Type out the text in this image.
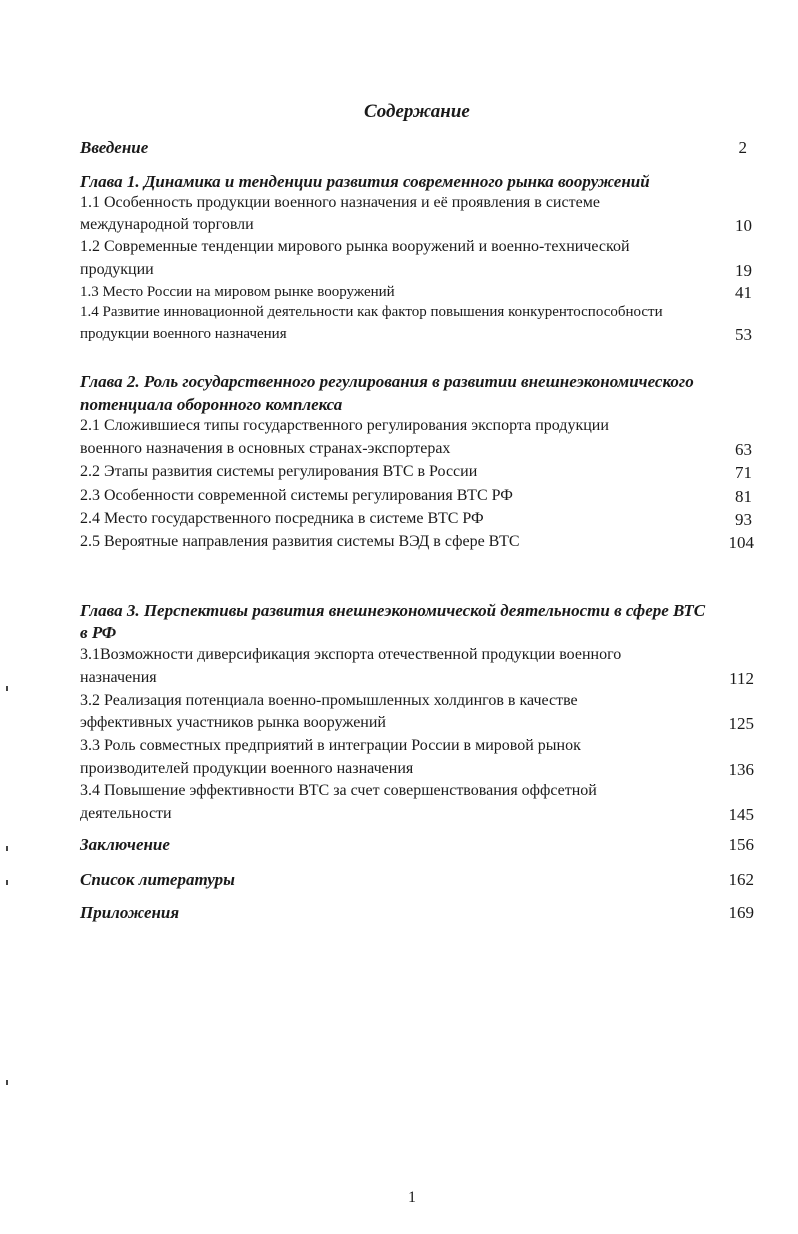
Содержание
Введение	2
Глава 1. Динамика и тенденции развития современного рынка вооружений
1.1 Особенность продукции военного назначения и её проявления в системе
международной торговли	10
1.2 Современные тенденции мирового рынка вооружений и военно-технической
продукции	19
1.3 Место России на мировом рынке вооружений	41
1.4 Развитие инновационной деятельности как фактор повышения конкурентоспособности
продукции военного назначения	53
Глава 2. Роль государственного регулирования в развитии внешнеэкономического
потенциала оборонного комплекса
2.1 Сложившиеся типы государственного регулирования экспорта продукции
военного назначения в основных странах-экспортерах	63
2.2 Этапы развития системы регулирования ВТС в России	71
2.3 Особенности современной системы регулирования ВТС РФ	81
2.4 Место государственного посредника в системе ВТС РФ	93
2.5 Вероятные направления развития системы ВЭД в сфере ВТС	104
Глава 3. Перспективы развития внешнеэкономической деятельности в сфере ВТС
в РФ
3.1Возможности диверсификация экспорта отечественной продукции военного
назначения	112
3.2 Реализация потенциала военно-промышленных холдингов в качестве
эффективных участников рынка вооружений	125
3.3 Роль совместных предприятий в интеграции России в мировой рынок
производителей продукции военного назначения	136
3.4 Повышение эффективности ВТС за счет совершенствования оффсетной
деятельности	145
Заключение	156
Список литературы	162
Приложения	169
1
